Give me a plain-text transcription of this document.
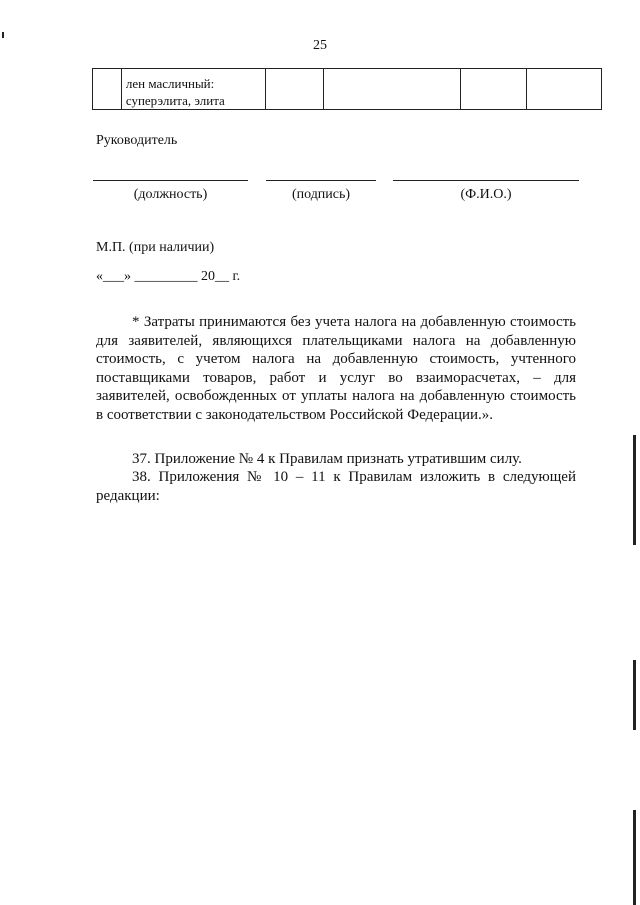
25
	лен масличный:
суперэлита, элита				
Руководитель
(должность)	(подпись)	(Ф.И.О.)
М.П. (при наличии)
«___» _________ 20__ г.
* Затраты принимаются без учета налога на добавленную стоимость для заявителей, являющихся плательщиками налога на добавленную стоимость, с учетом налога на добавленную стоимость, учтенного поставщиками товаров, работ и услуг во взаиморасчетах, – для заявителей, освобожденных от уплаты налога на добавленную стоимость в соответствии с законодательством Российской Федерации.».
37. Приложение № 4 к Правилам признать утратившим силу.
38. Приложения № 10 – 11 к Правилам изложить в следующей редакции:
